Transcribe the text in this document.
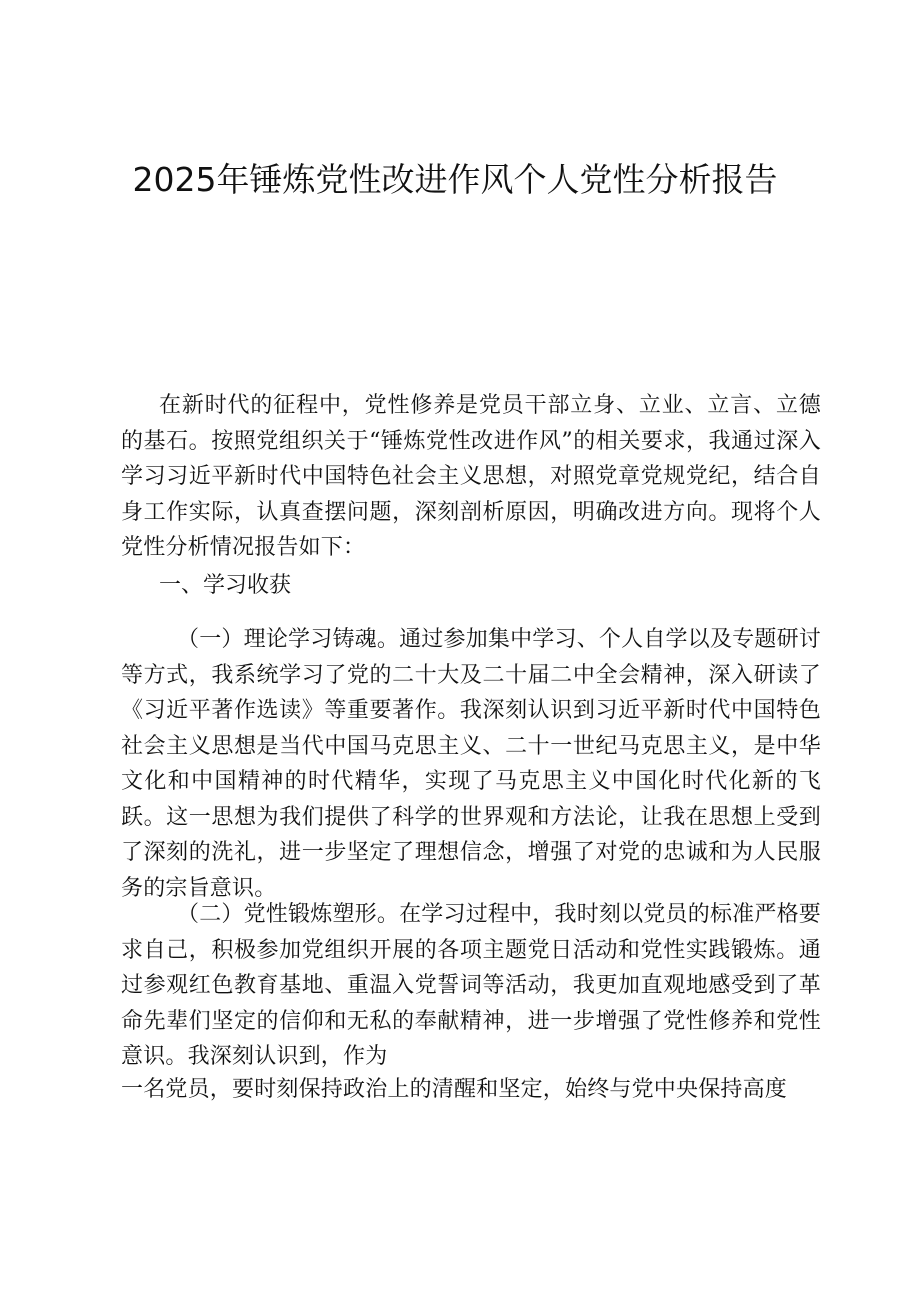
2025年锤炼党性改进作风个人党性分析报告

在新时代的征程中，党性修养是党员干部立身、立业、立言、立德的基石。按照党组织关于“锤炼党性改进作风”的相关要求，我通过深入学习习近平新时代中国特色社会主义思想，对照党章党规党纪，结合自身工作实际，认真查摆问题，深刻剖析原因，明确改进方向。现将个人党性分析情况报告如下：

一、学习收获

（一）理论学习铸魂。通过参加集中学习、个人自学以及专题研讨等方式，我系统学习了党的二十大及二十届二中全会精神，深入研读了《习近平著作选读》等重要著作。我深刻认识到习近平新时代中国特色社会主义思想是当代中国马克思主义、二十一世纪马克思主义，是中华文化和中国精神的时代精华，实现了马克思主义中国化时代化新的飞跃。这一思想为我们提供了科学的世界观和方法论，让我在思想上受到了深刻的洗礼，进一步坚定了理想信念，增强了对党的忠诚和为人民服务的宗旨意识。

（二）党性锻炼塑形。在学习过程中，我时刻以党员的标准严格要求自己，积极参加党组织开展的各项主题党日活动和党性实践锻炼。通过参观红色教育基地、重温入党誓词等活动，我更加直观地感受到了革命先辈们坚定的信仰和无私的奉献精神，进一步增强了党性修养和党性意识。我深刻认识到，作为

一名党员，要时刻保持政治上的清醒和坚定，始终与党中央保持高度
